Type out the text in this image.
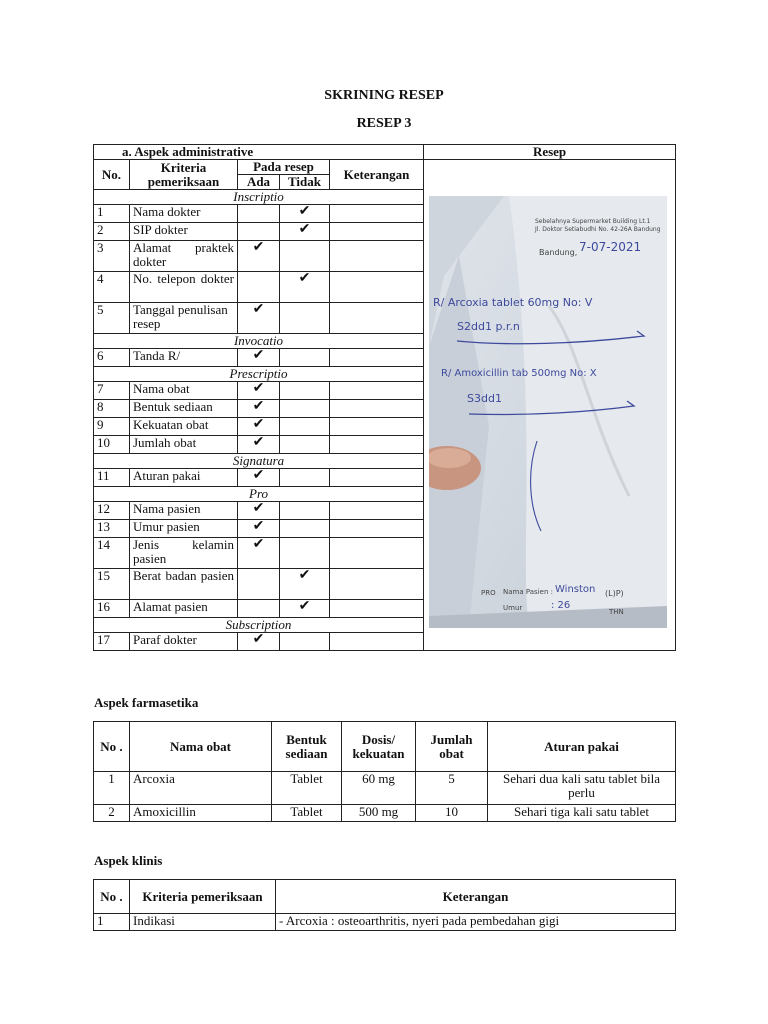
SKRINING RESEP
RESEP 3
a. Aspek administrative					Resep
No.	Kriteria pemeriksaan	Pada resep		Keterangan	
		Ada	Tidak		
Inscriptio					
1	Nama dokter		✔		
2	SIP dokter		✔		
3	Alamat praktek dokter	✔			
4	No. telepon dokter		✔		
5	Tanggal penulisan resep	✔			
Invocatio					
6	Tanda R/	✔			
Prescriptio					
7	Nama obat	✔			
8	Bentuk sediaan	✔			
9	Kekuatan obat	✔			
10	Jumlah obat	✔			
Signatura					
11	Aturan pakai	✔			
Pro					
12	Nama pasien	✔			
13	Umur pasien	✔			
14	Jenis kelamin pasien	✔			
15	Berat badan pasien		✔		
16	Alamat pasien		✔		
Subscription					
17	Paraf dokter	✔			
Sebelahnya Supermarket Building Lt.1
Jl. Doktor Setiabudhi No. 42-26A Bandung
Bandung, 7-07-2021
R/ Arcoxia tablet 60mg No: V
S2dd1 p.r.n
R/ Amoxicillin tab 500mg No: X
S3dd1
PRO Nama Pasien : Winston (L)P)
Umur	: 26
THN
Aspek farmasetika
No .	Nama obat	Bentuk sediaan	Dosis/ kekuatan	Jumlah obat	Aturan pakai
1	Arcoxia	Tablet	60 mg	5	Sehari dua kali satu tablet bila perlu
2	Amoxicillin	Tablet	500 mg	10	Sehari tiga kali satu tablet
Aspek klinis
No .	Kriteria pemeriksaan	Keterangan
1	Indikasi	- Arcoxia : osteoarthritis, nyeri pada pembedahan gigi
